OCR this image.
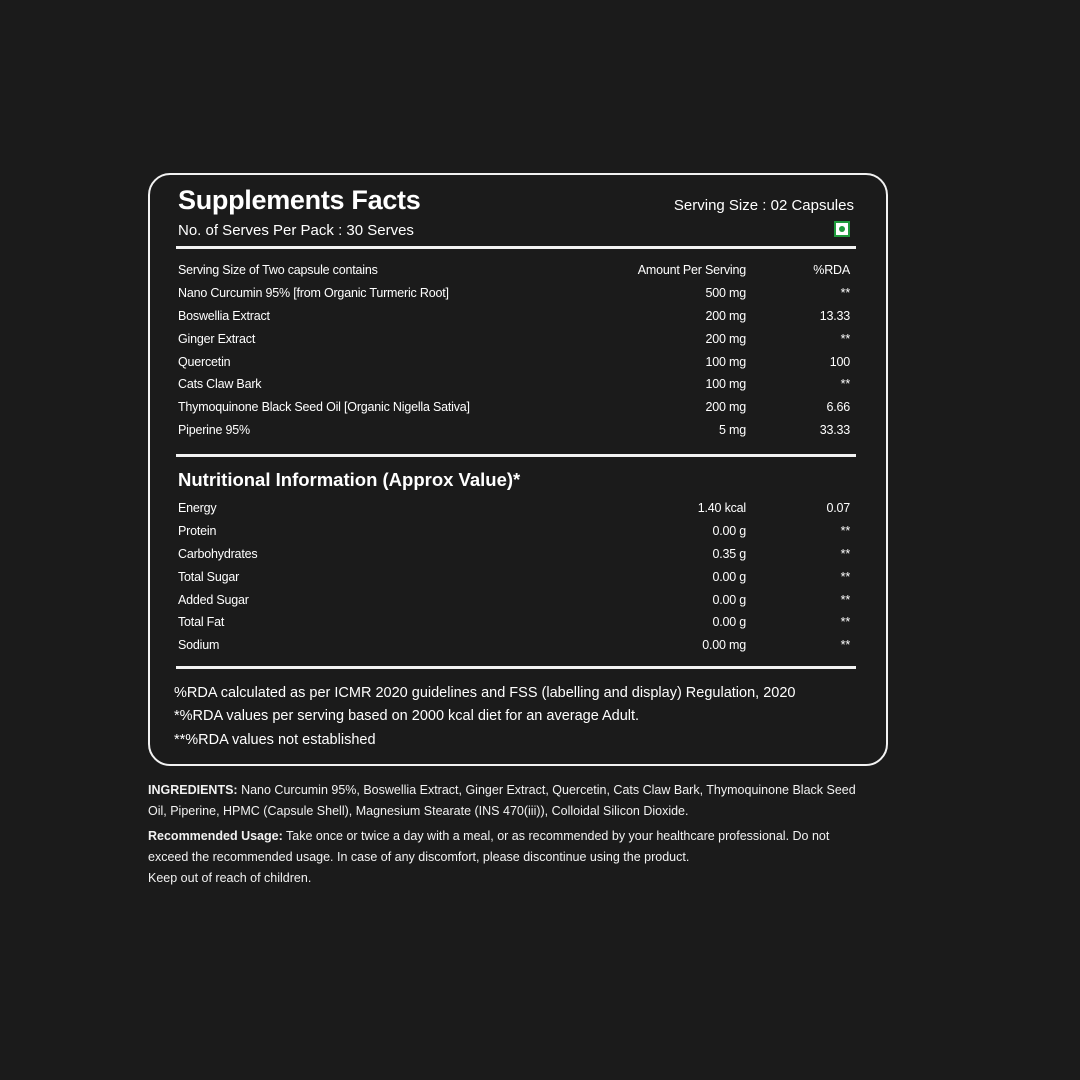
Supplements Facts
No. of Serves Per Pack : 30 Serves
Serving Size : 02 Capsules
Serving Size of Two capsule contains	Amount Per Serving	%RDA
Nano Curcumin 95% [from Organic Turmeric Root]	500 mg	**
Boswellia Extract	200 mg	13.33
Ginger Extract	200 mg	**
Quercetin	100 mg	100
Cats Claw Bark	100 mg	**
Thymoquinone Black Seed Oil [Organic Nigella Sativa]	200 mg	6.66
Piperine 95%	5 mg	33.33
Nutritional Information (Approx Value)*
Energy	1.40 kcal	0.07
Protein	0.00 g	**
Carbohydrates	0.35 g	**
Total Sugar	0.00 g	**
Added Sugar	0.00 g	**
Total Fat	0.00 g	**
Sodium	0.00 mg	**
%RDA calculated as per ICMR 2020 guidelines and FSS (labelling and display) Regulation, 2020
*%RDA values per serving based on 2000 kcal diet for an average Adult.
**%RDA values not established

INGREDIENTS: Nano Curcumin 95%, Boswellia Extract, Ginger Extract, Quercetin, Cats Claw Bark, Thymoquinone Black Seed Oil, Piperine, HPMC (Capsule Shell), Magnesium Stearate (INS 470(iii)), Colloidal Silicon Dioxide.

Recommended Usage: Take once or twice a day with a meal, or as recommended by your healthcare professional. Do not exceed the recommended usage. In case of any discomfort, please discontinue using the product.

Keep out of reach of children.
